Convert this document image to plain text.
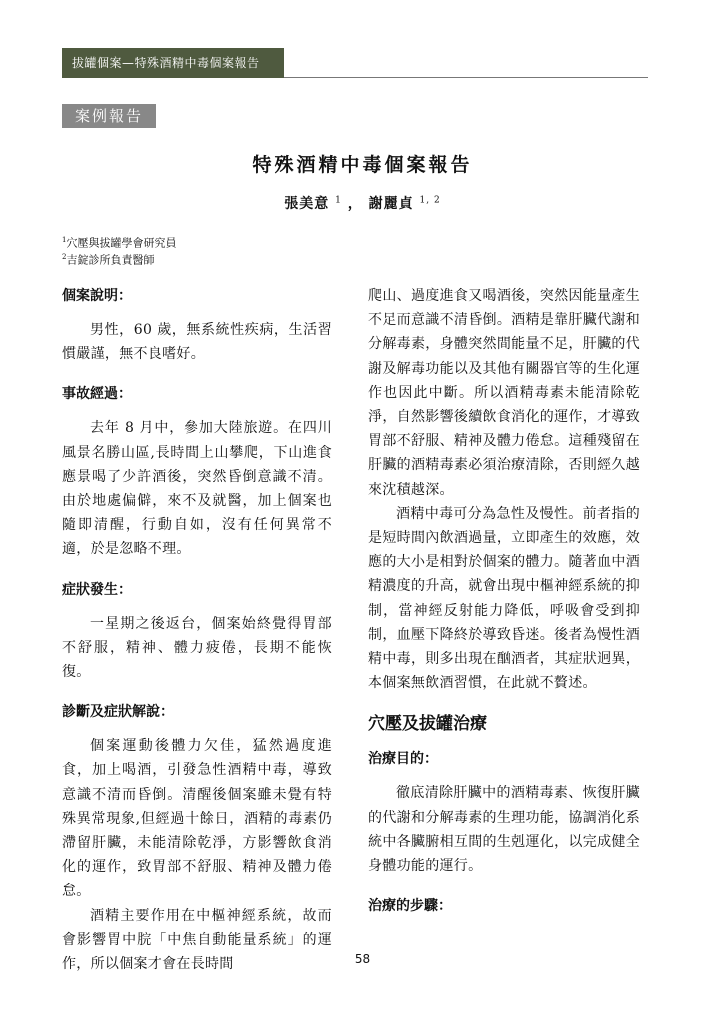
拔罐個案—特殊酒精中毒個案報告
案例報告
特殊酒精中毒個案報告
張美意 $^1$ ， 謝麗貞 $^{1, 2}$
$^1$穴壓與拔罐學會研究員
$^2$吉錠診所負責醫師

個案說明：

男性，60 歲，無系統性疾病，生活習慣嚴謹，無不良嗜好。

事故經過：

去年 8 月中，參加大陸旅遊。在四川風景名勝山區,長時間上山攀爬，下山進食應景喝了少許酒後，突然昏倒意識不清。由於地處偏僻，來不及就醫，加上個案也隨即清醒，行動自如，沒有任何異常不適，於是忽略不理。

症狀發生：

一星期之後返台，個案始終覺得胃部不舒服，精神、體力疲倦，長期不能恢復。

診斷及症狀解說：

個案運動後體力欠佳，猛然過度進食，加上喝酒，引發急性酒精中毒，導致意識不清而昏倒。清醒後個案雖未覺有特殊異常現象,但經過十餘日，酒精的毒素仍滯留肝臟，未能清除乾淨，方影響飲食消化的運作，致胃部不舒服、精神及體力倦怠。

酒精主要作用在中樞神經系統，故而會影響胃中脘「中焦自動能量系統」的運作，所以個案才會在長時間

爬山、過度進食又喝酒後，突然因能量產生不足而意識不清昏倒。酒精是靠肝臟代謝和分解毒素，身體突然間能量不足，肝臟的代謝及解毒功能以及其他有關器官等的生化運作也因此中斷。所以酒精毒素未能清除乾淨，自然影響後續飲食消化的運作，才導致胃部不舒服、精神及體力倦怠。這種殘留在肝臟的酒精毒素必須治療清除，否則經久越來沈積越深。

酒精中毒可分為急性及慢性。前者指的是短時間內飲酒過量，立即產生的效應，效應的大小是相對於個案的體力。隨著血中酒精濃度的升高，就會出現中樞神經系統的抑制，當神經反射能力降低，呼吸會受到抑制，血壓下降終於導致昏迷。後者為慢性酒精中毒，則多出現在酗酒者，其症狀迥異，本個案無飲酒習慣，在此就不贅述。

穴壓及拔罐治療

治療目的：

徹底清除肝臟中的酒精毒素、恢復肝臟的代謝和分解毒素的生理功能，協調消化系統中各臟腑相互間的生剋運化，以完成健全身體功能的運行。

治療的步驟：

58
